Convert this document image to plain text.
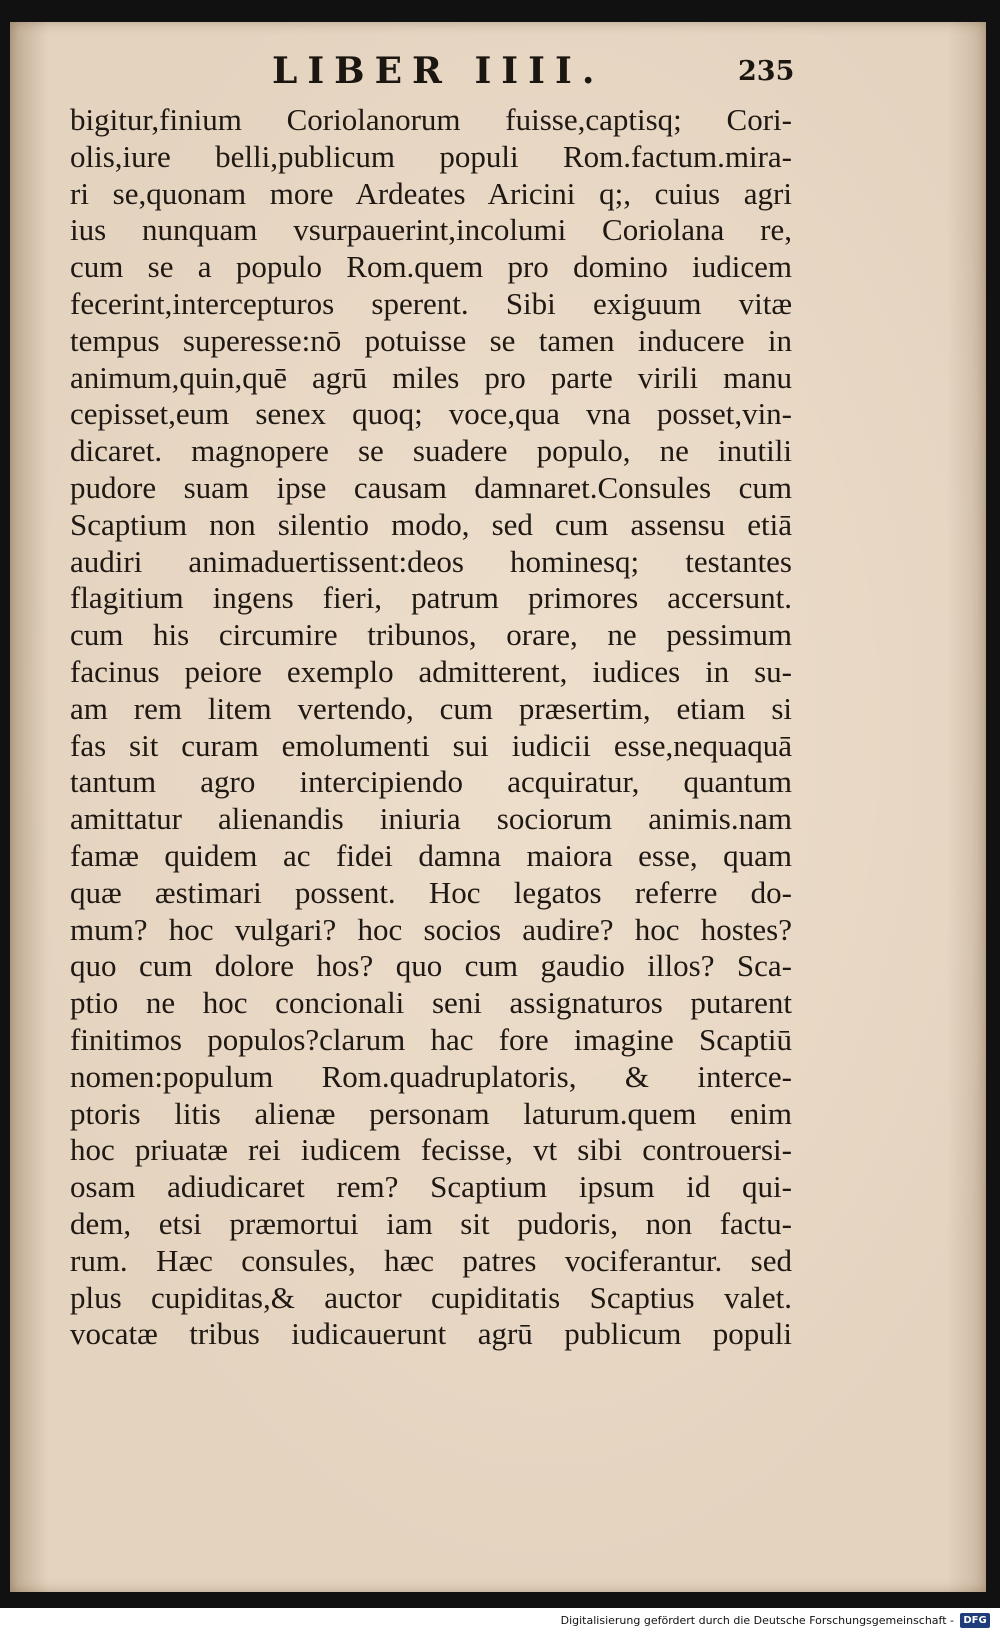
LIBER IIII.	235
bigitur,finium Coriolanorum fuisse,captisq; Cori-
olis,iure belli,publicum populi Rom.factum.mira-
ri se,quonam more Ardeates Aricini q;, cuius agri
ius nunquam vsurpauerint,incolumi Coriolana re,
cum se a populo Rom.quem pro domino iudicem
fecerint,intercepturos sperent. Sibi exiguum vitæ
tempus superesse:nō potuisse se tamen inducere in
animum,quin,quē agrū miles pro parte virili manu
cepisset,eum senex quoq; voce,qua vna posset,vin-
dicaret. magnopere se suadere populo, ne inutili
pudore suam ipse causam damnaret.Consules cum
Scaptium non silentio modo, sed cum assensu etiā
audiri animaduertissent:deos hominesq; testantes
flagitium ingens fieri, patrum primores accersunt.
cum his circumire tribunos, orare, ne pessimum
facinus peiore exemplo admitterent, iudices in su-
am rem litem vertendo, cum præsertim, etiam si
fas sit curam emolumenti sui iudicii esse,nequaquā
tantum agro intercipiendo acquiratur, quantum
amittatur alienandis iniuria sociorum animis.nam
famæ quidem ac fidei damna maiora esse, quam
quæ æstimari possent. Hoc legatos referre do-
mum? hoc vulgari? hoc socios audire? hoc hostes?
quo cum dolore hos? quo cum gaudio illos? Sca-
ptio ne hoc concionali seni assignaturos putarent
finitimos populos?clarum hac fore imagine Scaptiū
nomen:populum Rom.quadruplatoris, & interce-
ptoris litis alienæ personam laturum.quem enim
hoc priuatæ rei iudicem fecisse, vt sibi controuersi-
osam adiudicaret rem? Scaptium ipsum id qui-
dem, etsi præmortui iam sit pudoris, non factu-
rum. Hæc consules, hæc patres vociferantur. sed
plus cupiditas,& auctor cupiditatis Scaptius valet.
vocatæ tribus iudicauerunt agrū publicum populi
Digitalisierung gefördert durch die Deutsche Forschungsgemeinschaft - DFG
